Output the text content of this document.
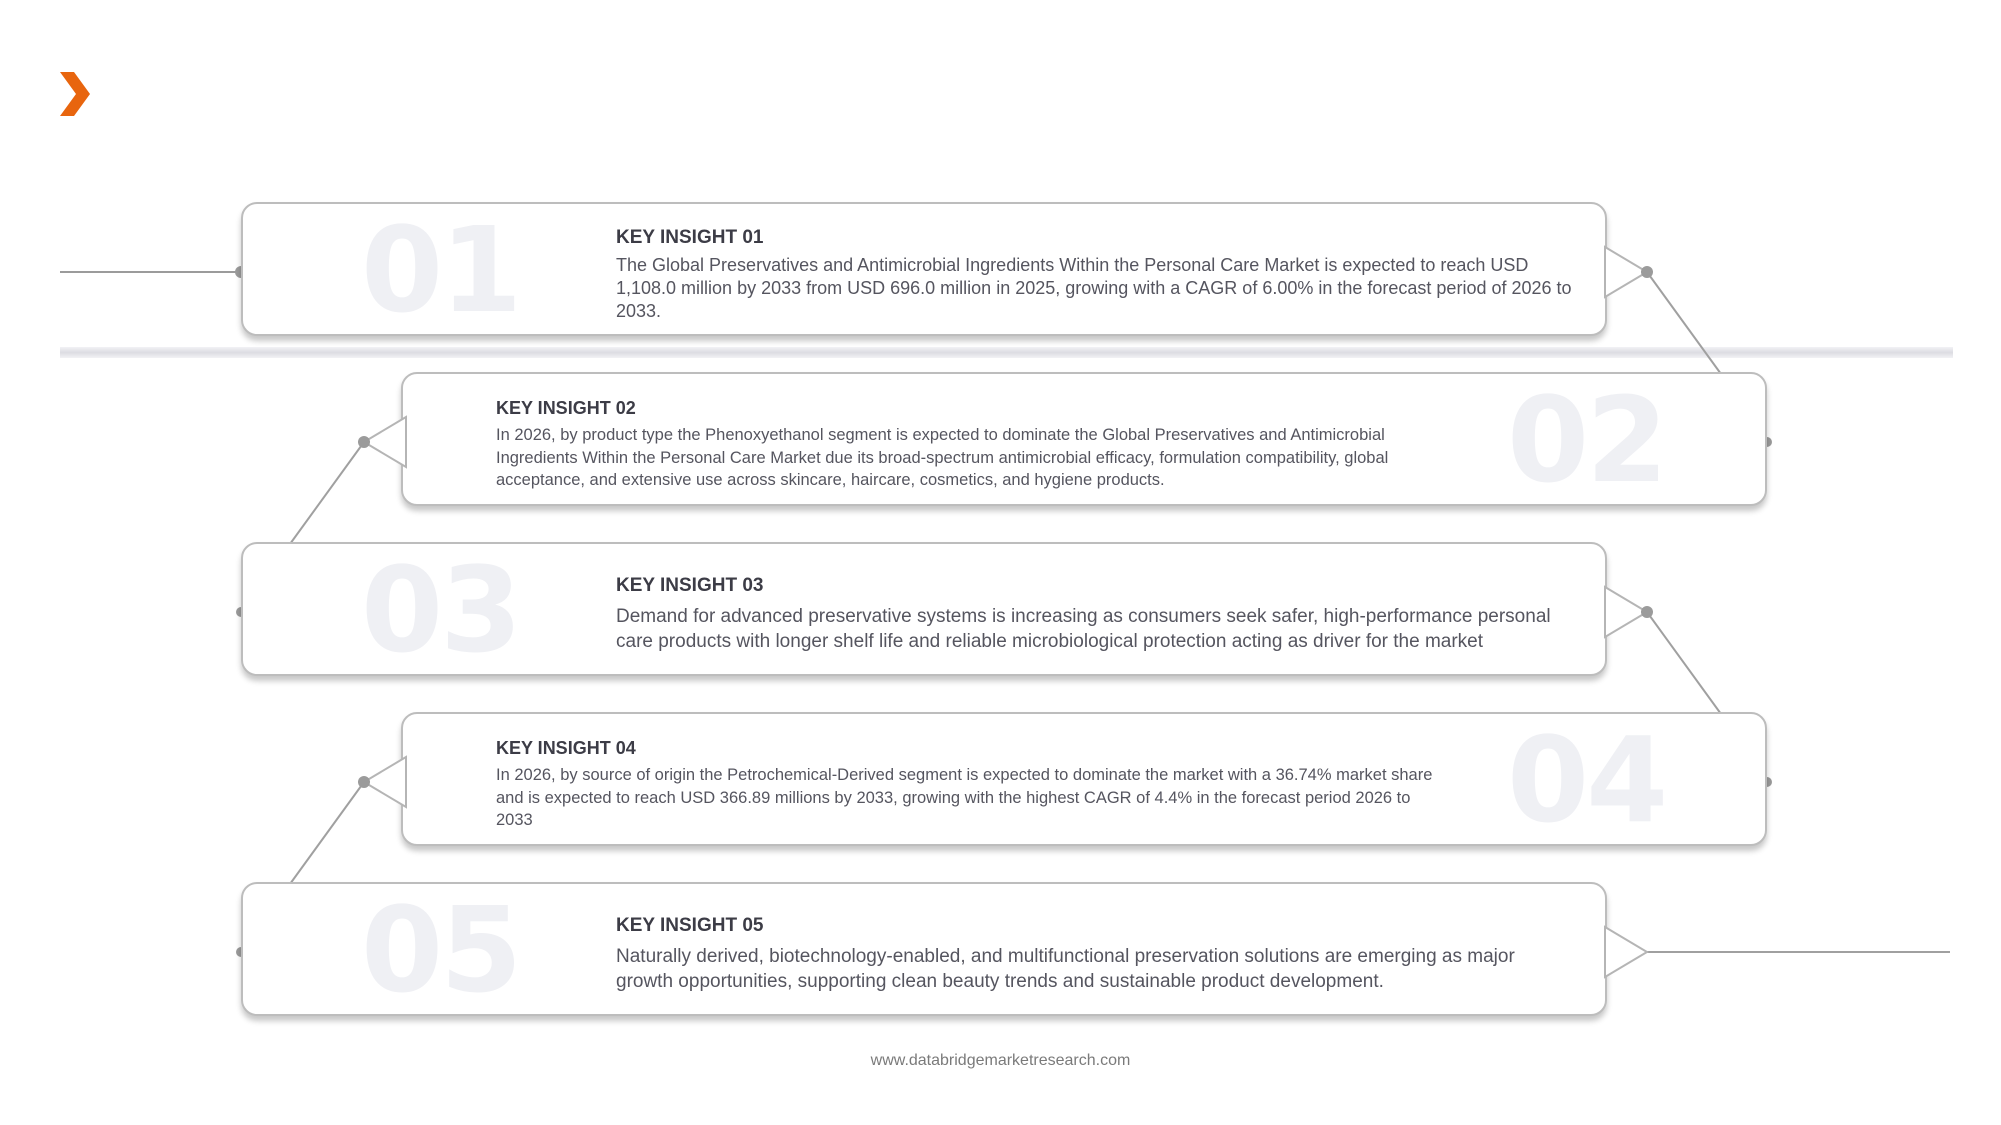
01	KEY INSIGHT 01
The Global Preservatives and Antimicrobial Ingredients Within the Personal Care Market is expected to reach USD 1,108.0 million by 2033 from USD 696.0 million in 2025, growing with a CAGR of 6.00% in the forecast period of 2026 to 2033.
02
KEY INSIGHT 02
In 2026, by product type the Phenoxyethanol segment is expected to dominate the Global Preservatives and Antimicrobial Ingredients Within the Personal Care Market due its broad-spectrum antimicrobial efficacy, formulation compatibility, global acceptance, and extensive use across skincare, haircare, cosmetics, and hygiene products.
03	KEY INSIGHT 03
Demand for advanced preservative systems is increasing as consumers seek safer, high-performance personal care products with longer shelf life and reliable microbiological protection acting as driver for the market
04
KEY INSIGHT 04
In 2026, by source of origin the Petrochemical-Derived segment is expected to dominate the market with a 36.74% market share and is expected to reach USD 366.89 millions by 2033, growing with the highest CAGR of 4.4% in the forecast period 2026 to 2033
05	KEY INSIGHT 05
Naturally derived, biotechnology-enabled, and multifunctional preservation solutions are emerging as major growth opportunities, supporting clean beauty trends and sustainable product development.
www.databridgemarketresearch.com
